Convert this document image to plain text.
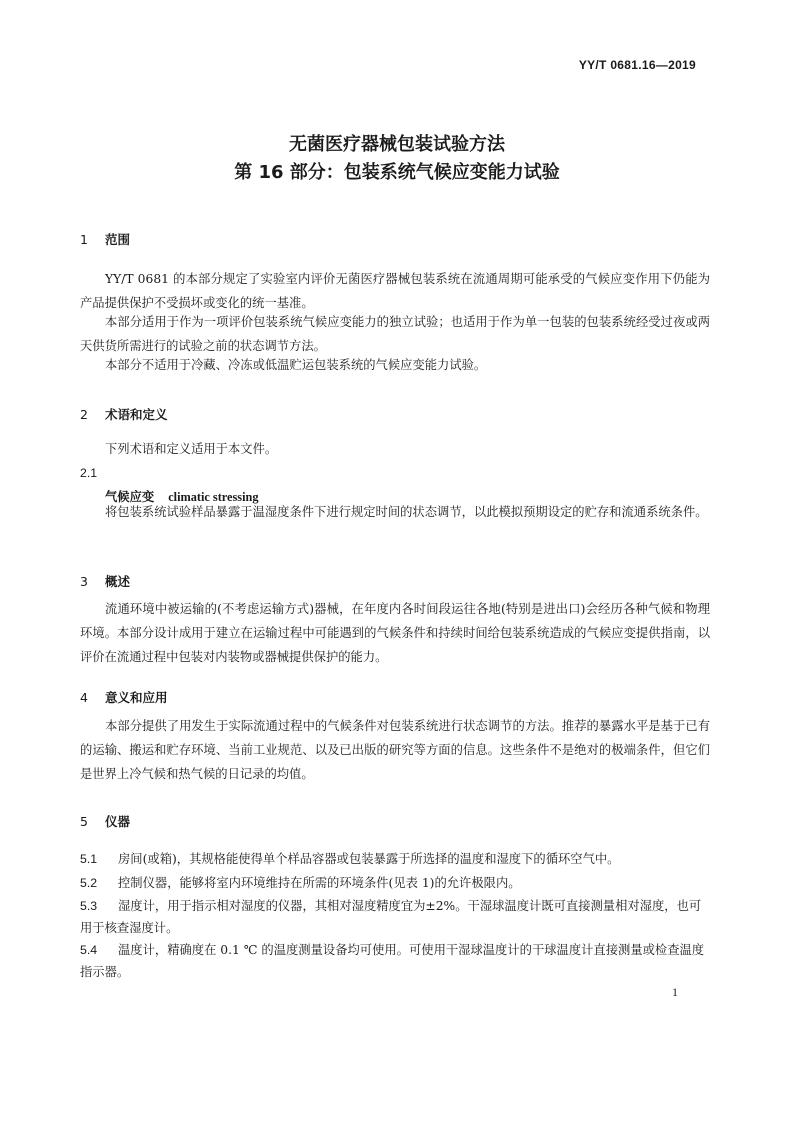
YY/T 0681.16—2019
无菌医疗器械包装试验方法
第 16 部分：包装系统气候应变能力试验
1 范围

YY/T 0681 的本部分规定了实验室内评价无菌医疗器械包装系统在流通周期可能承受的气候应变作用下仍能为产品提供保护不受损坏或变化的统一基准。

本部分适用于作为一项评价包装系统气候应变能力的独立试验；也适用于作为单一包装的包装系统经受过夜或两天供货所需进行的试验之前的状态调节方法。

本部分不适用于冷藏、冷冻或低温贮运包装系统的气候应变能力试验。

2 术语和定义

下列术语和定义适用于本文件。

2.1
气候应变 climatic stressing

将包装系统试验样品暴露于温湿度条件下进行规定时间的状态调节，以此模拟预期设定的贮存和流通系统条件。

3 概述

流通环境中被运输的(不考虑运输方式)器械，在年度内各时间段运往各地(特别是进出口)会经历各种气候和物理环境。本部分设计成用于建立在运输过程中可能遇到的气候条件和持续时间给包装系统造成的气候应变提供指南，以评价在流通过程中包装对内装物或器械提供保护的能力。

4 意义和应用

本部分提供了用发生于实际流通过程中的气候条件对包装系统进行状态调节的方法。推荐的暴露水平是基于已有的运输、搬运和贮存环境、当前工业规范、以及已出版的研究等方面的信息。这些条件不是绝对的极端条件，但它们是世界上冷气候和热气候的日记录的均值。

5 仪器

5.1 房间(或箱)，其规格能使得单个样品容器或包装暴露于所选择的温度和湿度下的循环空气中。

5.2 控制仪器，能够将室内环境维持在所需的环境条件(见表 1)的允许极限内。

5.3 湿度计，用于指示相对湿度的仪器，其相对湿度精度宜为±2%。干湿球温度计既可直接测量相对湿度，也可用于核查湿度计。

5.4 温度计，精确度在 0.1 ℃ 的温度测量设备均可使用。可使用干湿球温度计的干球温度计直接测量或检查温度指示器。

1
